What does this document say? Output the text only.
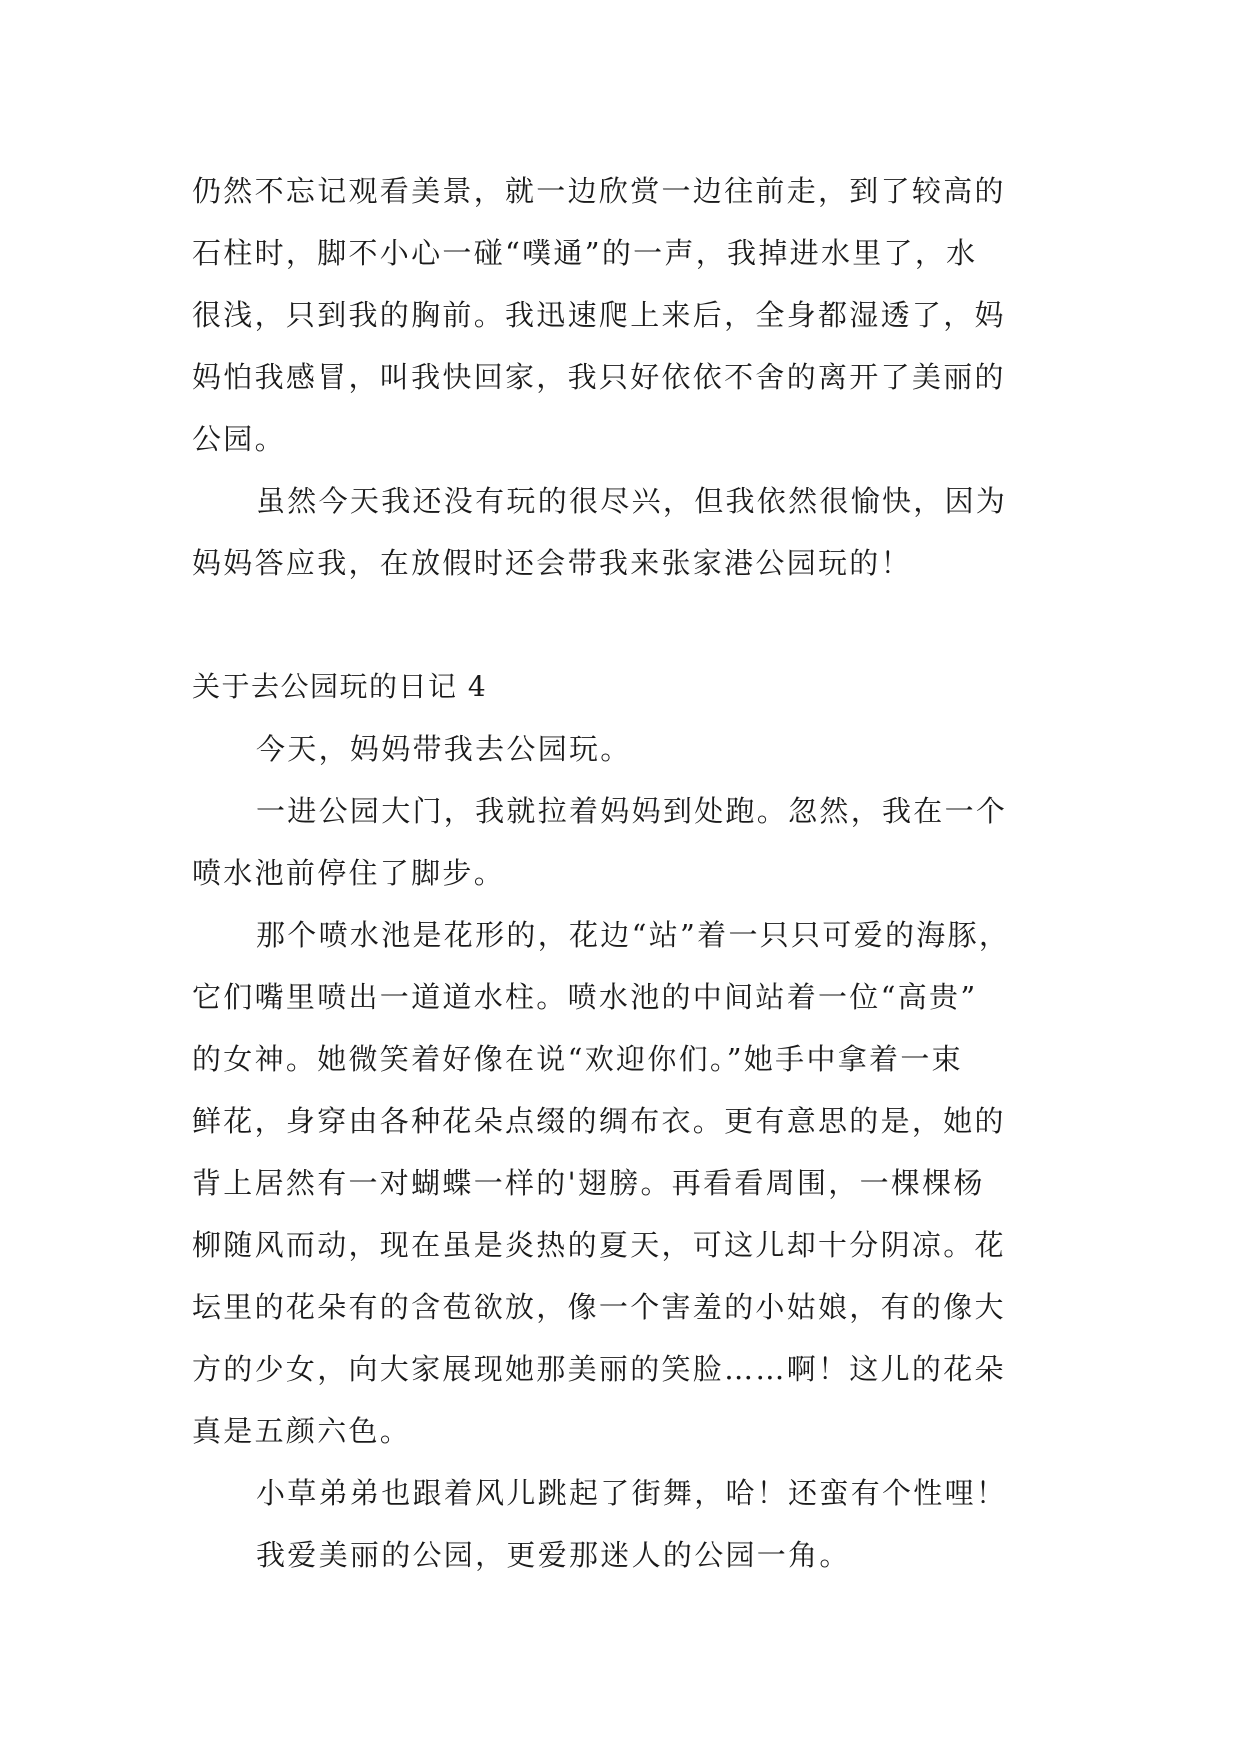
仍然不忘记观看美景，就一边欣赏一边往前走，到了较高的
石柱时，脚不小心一碰“噗通”的一声，我掉进水里了，水
很浅，只到我的胸前。我迅速爬上来后，全身都湿透了，妈
妈怕我感冒，叫我快回家，我只好依依不舍的离开了美丽的
公园。
虽然今天我还没有玩的很尽兴，但我依然很愉快，因为
妈妈答应我，在放假时还会带我来张家港公园玩的！
关于去公园玩的日记 4
今天，妈妈带我去公园玩。
一进公园大门，我就拉着妈妈到处跑。忽然，我在一个
喷水池前停住了脚步。
那个喷水池是花形的，花边“站”着一只只可爱的海豚，
它们嘴里喷出一道道水柱。喷水池的中间站着一位“高贵”
的女神。她微笑着好像在说“欢迎你们。”她手中拿着一束
鲜花，身穿由各种花朵点缀的绸布衣。更有意思的是，她的
背上居然有一对蝴蝶一样的'翅膀。再看看周围，一棵棵杨
柳随风而动，现在虽是炎热的夏天，可这儿却十分阴凉。花
坛里的花朵有的含苞欲放，像一个害羞的小姑娘，有的像大
方的少女，向大家展现她那美丽的笑脸……啊！这儿的花朵
真是五颜六色。
小草弟弟也跟着风儿跳起了街舞，哈！还蛮有个性哩！
我爱美丽的公园，更爱那迷人的公园一角。
